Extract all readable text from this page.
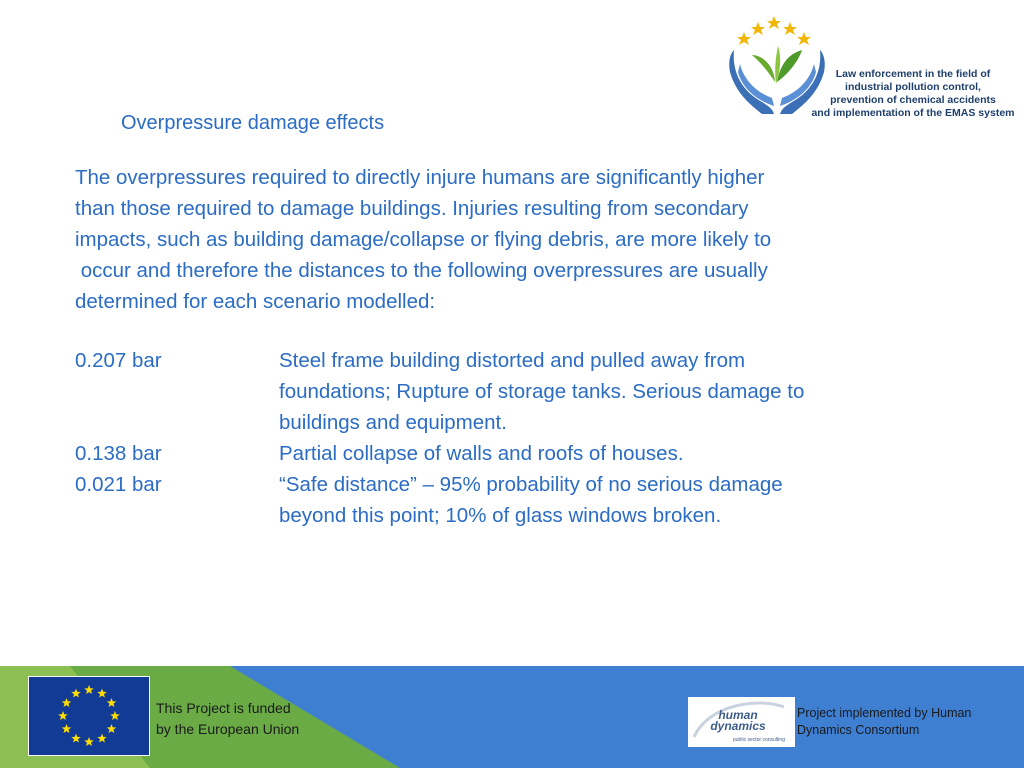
Law enforcement in the field of
industrial pollution control,
prevention of chemical accidents
and implementation of the EMAS system
Overpressure damage effects
The overpressures required to directly injure humans are significantly higher
than those required to damage buildings. Injuries resulting from secondary
impacts, such as building damage/collapse or flying debris, are more likely to
occur and therefore the distances to the following overpressures are usually
determined for each scenario modelled:
0.207 bar	Steel frame building distorted and pulled away from
foundations; Rupture of storage tanks. Serious damage to
buildings and equipment.
0.138 bar	Partial collapse of walls and roofs of houses.
0.021 bar	“Safe distance” – 95% probability of no serious damage
beyond this point; 10% of glass windows broken.
This Project is funded
by the European Union
human
dynamics
public sector consulting
Project implemented by Human
Dynamics Consortium
